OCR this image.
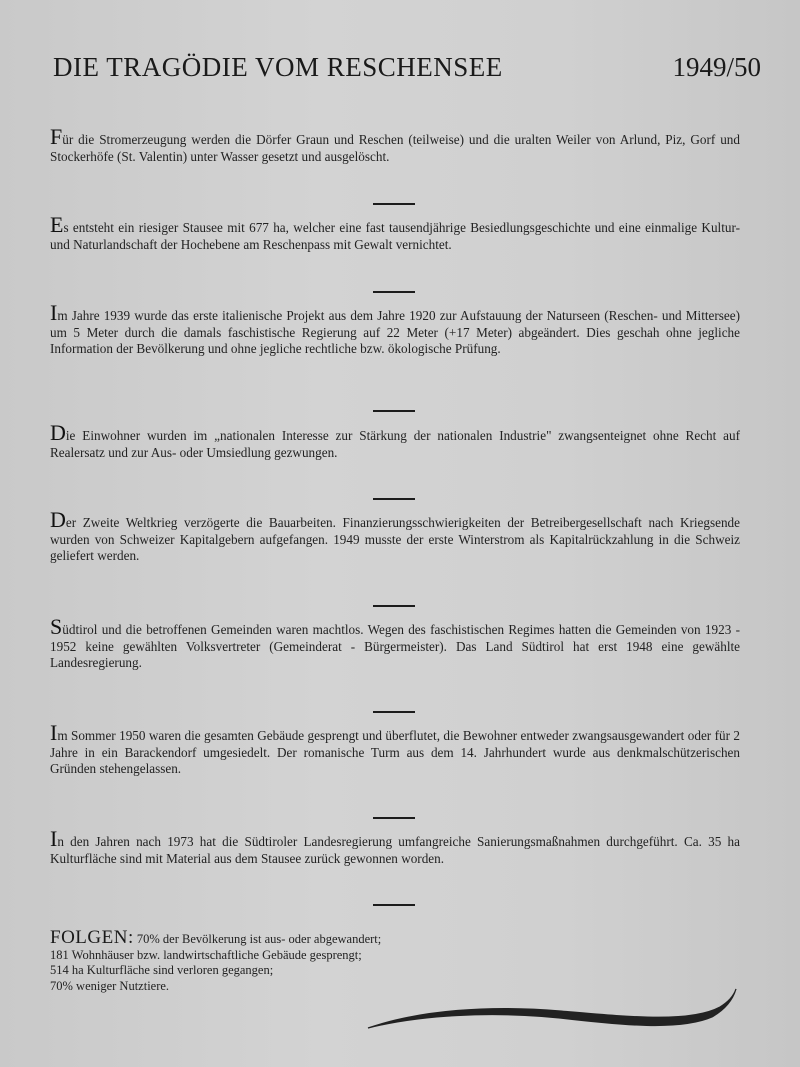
DIE TRAGÖDIE VOM RESCHENSEE	1949/50

Für die Stromerzeugung werden die Dörfer Graun und Reschen (teilweise) und die uralten Weiler von Arlund, Piz, Gorf und Stockerhöfe (St. Valentin) unter Wasser gesetzt und ausgelöscht.

Es entsteht ein riesiger Stausee mit 677 ha, welcher eine fast tausendjährige Besiedlungsgeschichte und eine einmalige Kultur- und Naturlandschaft der Hochebene am Reschenpass mit Gewalt vernichtet.

Im Jahre 1939 wurde das erste italienische Projekt aus dem Jahre 1920 zur Aufstauung der Naturseen (Reschen- und Mittersee) um 5 Meter durch die damals faschistische Regierung auf 22 Meter (+17 Meter) abgeändert. Dies geschah ohne jegliche Information der Bevölkerung und ohne jegliche rechtliche bzw. ökologische Prüfung.

Die Einwohner wurden im „nationalen Interesse zur Stärkung der nationalen Industrie" zwangsenteignet ohne Recht auf Realersatz und zur Aus- oder Umsiedlung gezwungen.

Der Zweite Weltkrieg verzögerte die Bauarbeiten. Finanzierungsschwierigkeiten der Betreibergesellschaft nach Kriegsende wurden von Schweizer Kapitalgebern aufgefangen. 1949 musste der erste Winterstrom als Kapitalrückzahlung in die Schweiz geliefert werden.

Südtirol und die betroffenen Gemeinden waren machtlos. Wegen des faschistischen Regimes hatten die Gemeinden von 1923 - 1952 keine gewählten Volksvertreter (Gemeinderat - Bürgermeister). Das Land Südtirol hat erst 1948 eine gewählte Landesregierung.

Im Sommer 1950 waren die gesamten Gebäude gesprengt und überflutet, die Bewohner entweder zwangsausgewandert oder für 2 Jahre in ein Barackendorf umgesiedelt. Der romanische Turm aus dem 14. Jahrhundert wurde aus denkmalschützerischen Gründen stehengelassen.

In den Jahren nach 1973 hat die Südtiroler Landesregierung umfangreiche Sanierungsmaßnahmen durchgeführt. Ca. 35 ha Kulturfläche sind mit Material aus dem Stausee zurück gewonnen worden.

FOLGEN: 70% der Bevölkerung ist aus- oder abgewandert;
181 Wohnhäuser bzw. landwirtschaftliche Gebäude gesprengt;
514 ha Kulturfläche sind verloren gegangen;
70% weniger Nutztiere.
